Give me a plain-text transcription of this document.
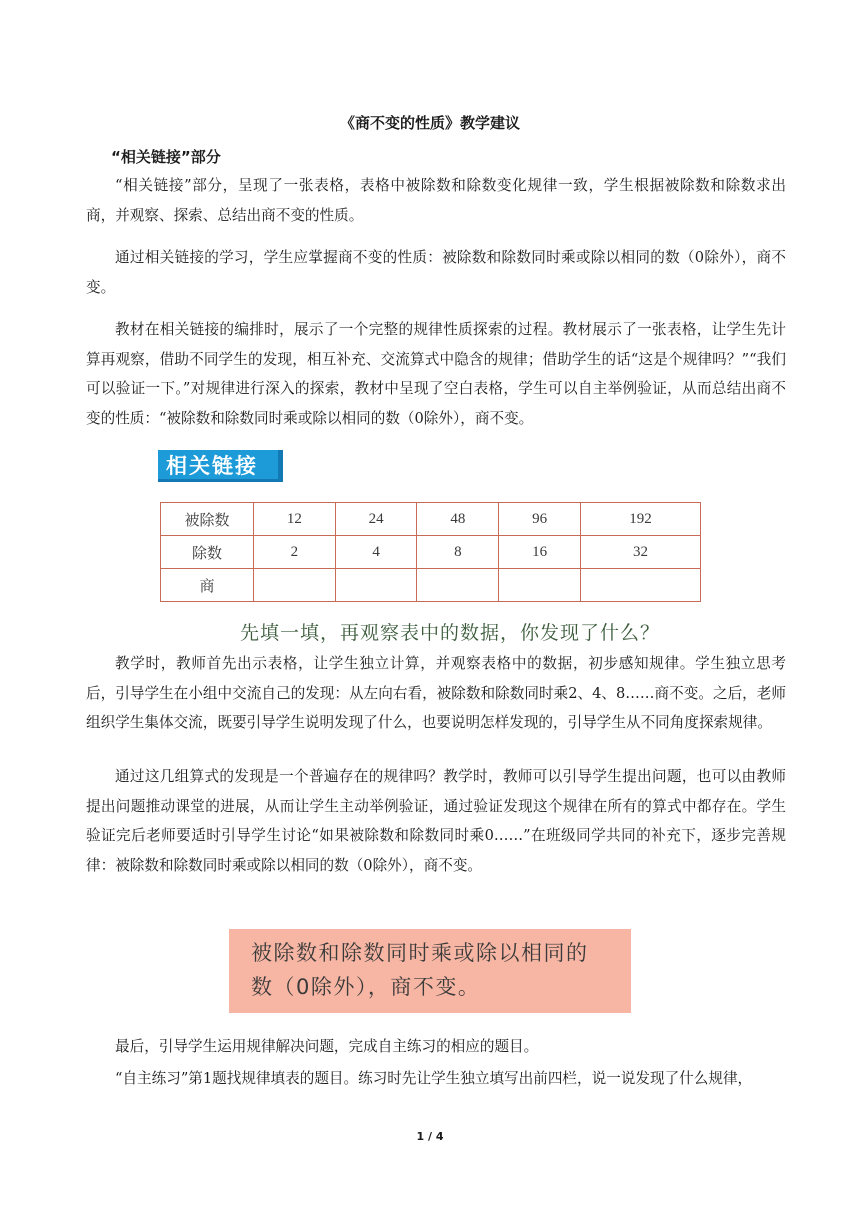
《商不变的性质》教学建议
“相关链接”部分

“相关链接”部分，呈现了一张表格，表格中被除数和除数变化规律一致，学生根据被除数和除数求出商，并观察、探索、总结出商不变的性质。

通过相关链接的学习，学生应掌握商不变的性质：被除数和除数同时乘或除以相同的数（0除外），商不变。

教材在相关链接的编排时，展示了一个完整的规律性质探索的过程。教材展示了一张表格，让学生先计算再观察，借助不同学生的发现，相互补充、交流算式中隐含的规律；借助学生的话“这是个规律吗？”“我们可以验证一下。”对规律进行深入的探索，教材中呈现了空白表格，学生可以自主举例验证，从而总结出商不变的性质：“被除数和除数同时乘或除以相同的数（0除外），商不变。

相关链接
被除数	12	24	48	96	192
除数	2	4	8	16	32
商					
先填一填，再观察表中的数据，你发现了什么？

教学时，教师首先出示表格，让学生独立计算，并观察表格中的数据，初步感知规律。学生独立思考后，引导学生在小组中交流自己的发现：从左向右看，被除数和除数同时乘2、4、8……商不变。之后，老师组织学生集体交流，既要引导学生说明发现了什么，也要说明怎样发现的，引导学生从不同角度探索规律。

通过这几组算式的发现是一个普遍存在的规律吗？教学时，教师可以引导学生提出问题，也可以由教师提出问题推动课堂的进展，从而让学生主动举例验证，通过验证发现这个规律在所有的算式中都存在。学生验证完后老师要适时引导学生讨论“如果被除数和除数同时乘0……”在班级同学共同的补充下，逐步完善规律：被除数和除数同时乘或除以相同的数（0除外），商不变。

被除数和除数同时乘或除以相同的
数（0除外），商不变。

最后，引导学生运用规律解决问题，完成自主练习的相应的题目。

“自主练习”第1题找规律填表的题目。练习时先让学生独立填写出前四栏，说一说发现了什么规律，

1 / 4
